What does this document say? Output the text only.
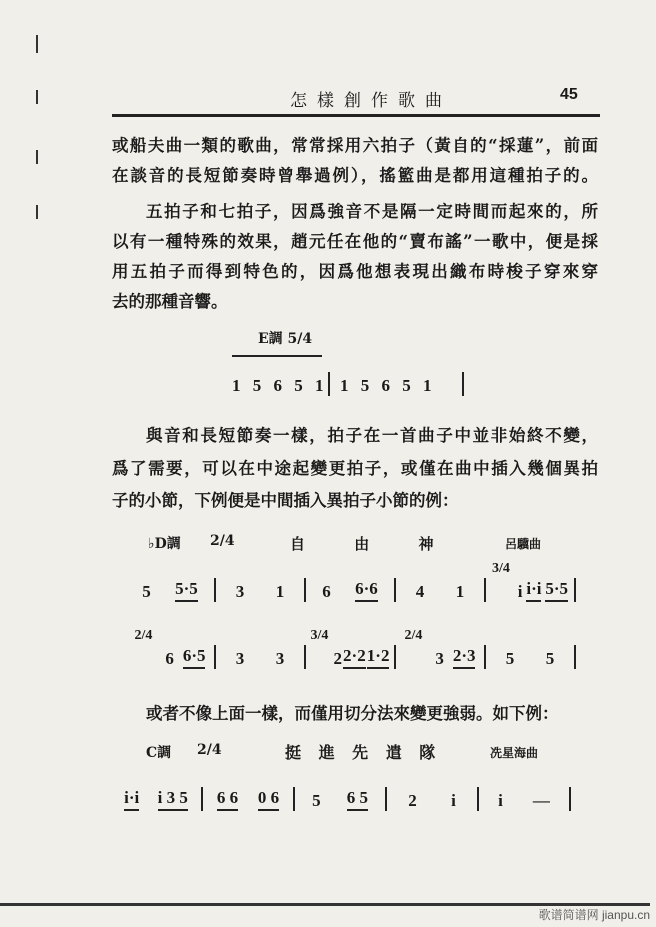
怎樣創作歌曲	45
或船夫曲一類的歌曲，常常採用六拍子（黃自的“採蓮”，前面
在談音的長短節奏時曾舉過例），搖籃曲是都用這種拍子的。
五拍子和七拍子，因爲強音不是隔一定時間而起來的，所
以有一種特殊的效果，趙元任在他的“賣布謠”一歌中，便是採
用五拍子而得到特色的，因爲他想表現出織布時梭子穿來穿
去的那種音響。
E調 5/4
1 5 6 5 1 1 5 6 5 1
與音和長短節奏一樣，拍子在一首曲子中並非始終不變，
爲了需要，可以在中途起變更拍子，或僅在曲中插入幾個異拍
子的小節，下例便是中間插入異拍子小節的例：
♭D調 2/4	自 由 神	呂驥曲
5 5·5 3 1 6 6·6 4 1
3/4
i i·i 5·5
2/4
6 6·5 3 3
3/4
2 2·2 1·2
2/4
3 2·3 5 5
或者不像上面一樣，而僅用切分法來變更強弱。如下例：
C調 2/4	挺 進 先 遣 隊	冼星海曲
i·i i 3 5 6 6 0 6 5 6 5 2 i i —
歌谱简谱网 jianpu.cn
